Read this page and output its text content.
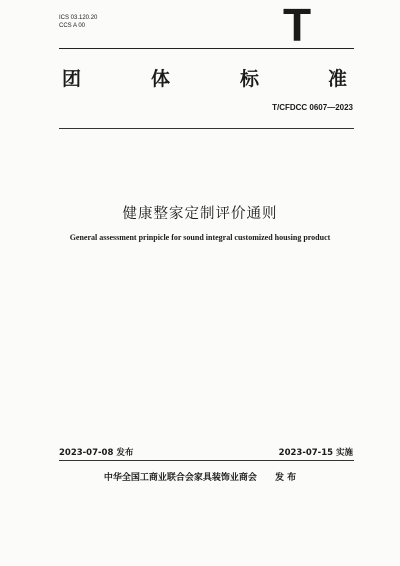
ICS 03.120.20
CCS A 00	T
团	体	标	准
T/CFDCC 0607—2023
健康整家定制评价通则
General assessment prinpicle for sound integral customized housing product
2023-07-08 发布	2023-07-15 实施
中华全国工商业联合会家具装饰业商会 发 布
